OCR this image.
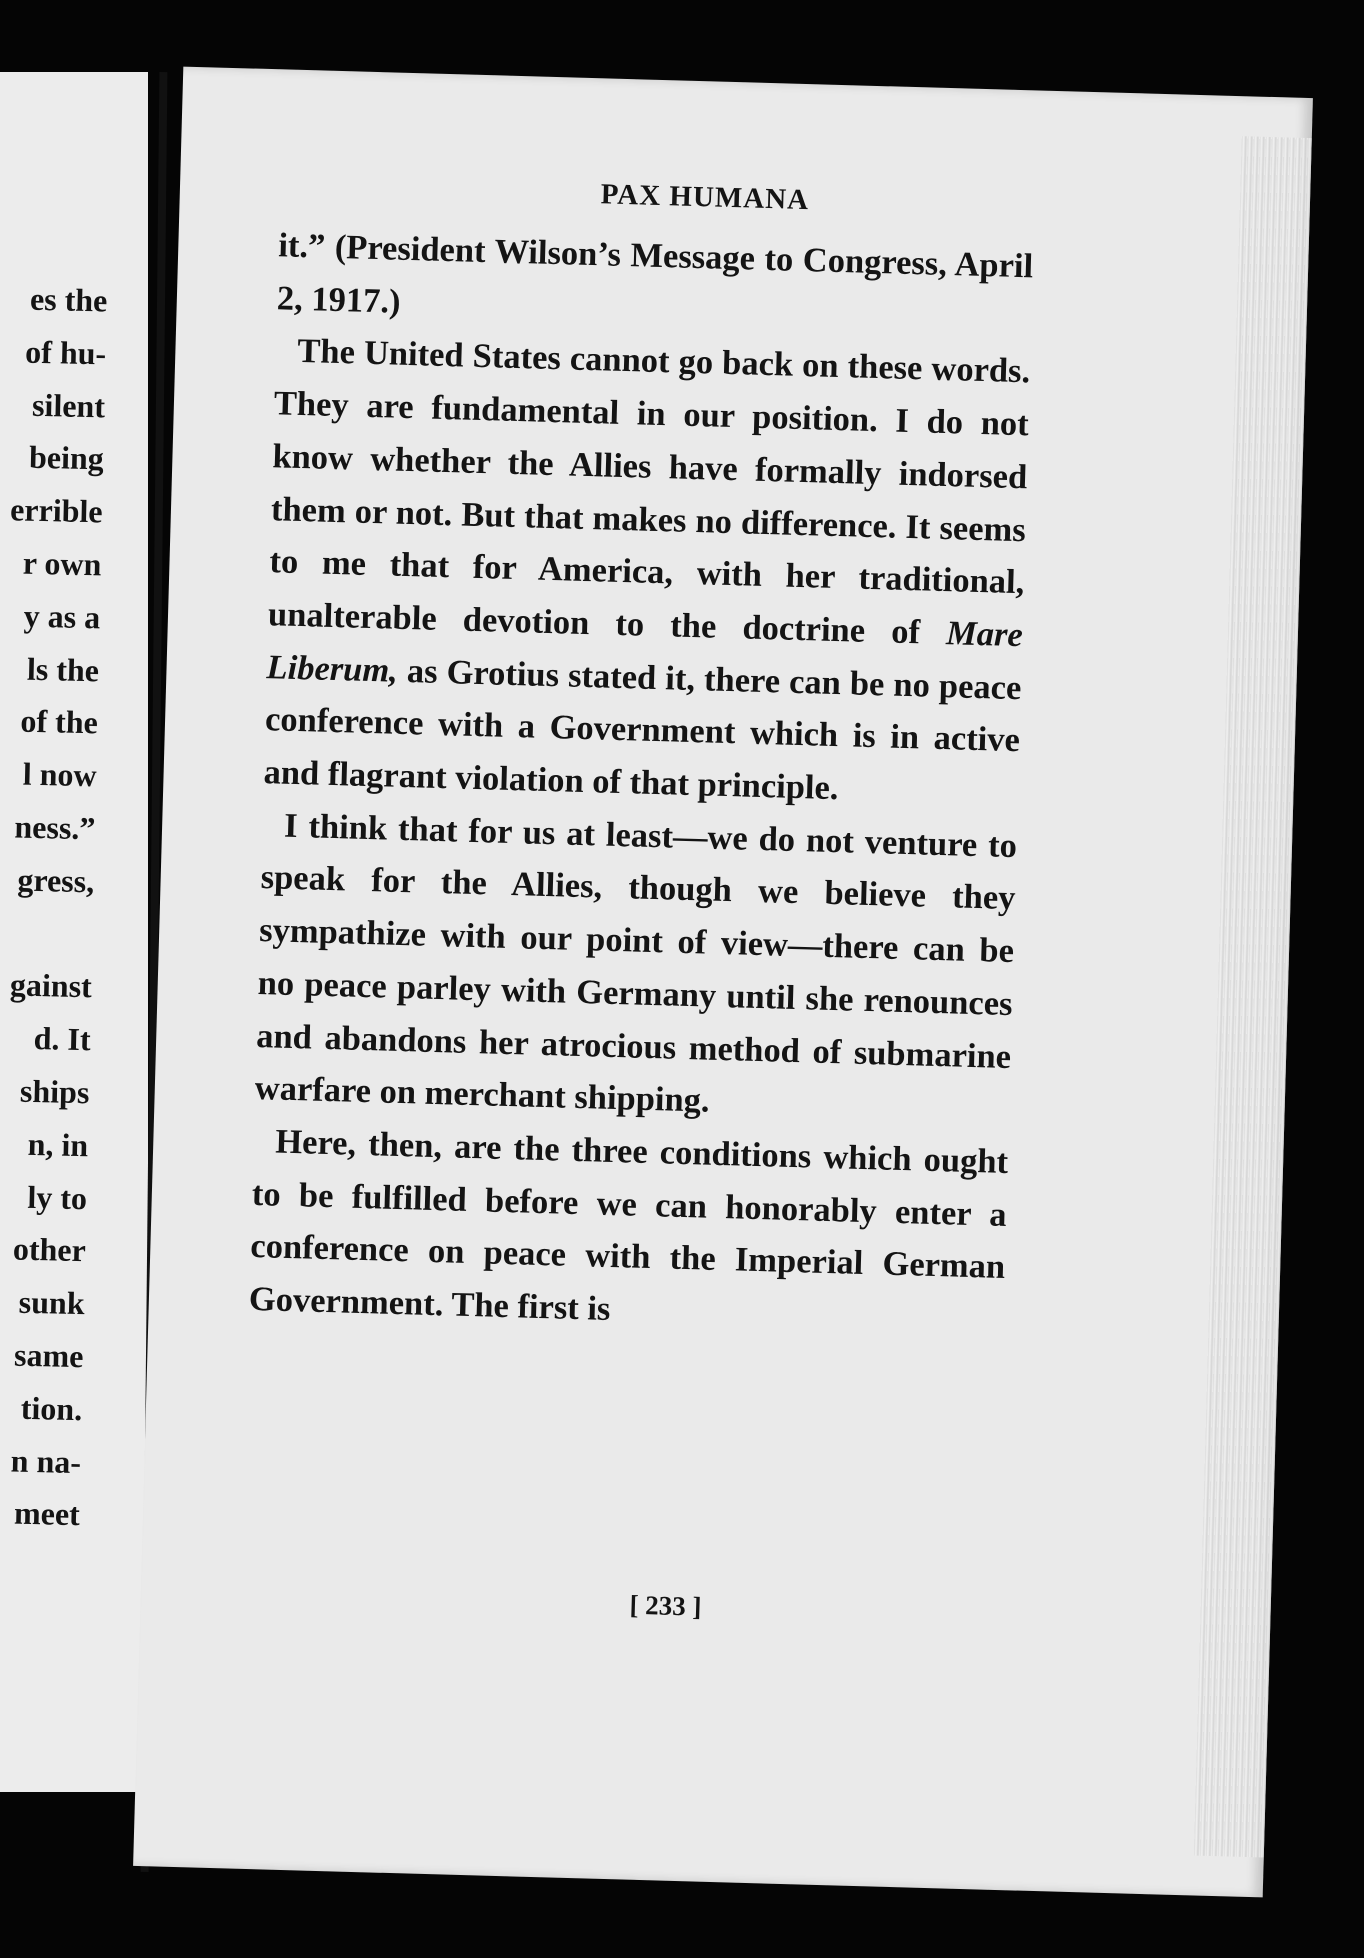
es the
of hu-
silent
being
errible
r own
y as a
ls the
of the
l now
ness.”
gress,

gainst
d. It
ships
n, in
ly to
other
sunk
same
tion.
n na-
meet
PAX HUMANA

it.” (President Wilson’s Message to Congress, April 2, 1917.)

The United States cannot go back on these words. They are fundamental in our position. I do not know whether the Allies have formally indorsed them or not. But that makes no difference. It seems to me that for America, with her traditional, unalterable devotion to the doctrine of Mare Liberum, as Grotius stated it, there can be no peace conference with a Government which is in active and flagrant violation of that principle.

I think that for us at least—we do not venture to speak for the Allies, though we believe they sympathize with our point of view—there can be no peace parley with Germany until she renounces and abandons her atrocious method of submarine warfare on merchant shipping.

Here, then, are the three conditions which ought to be fulfilled before we can honorably enter a conference on peace with the Imperial German Government. The first is

[ 233 ]
